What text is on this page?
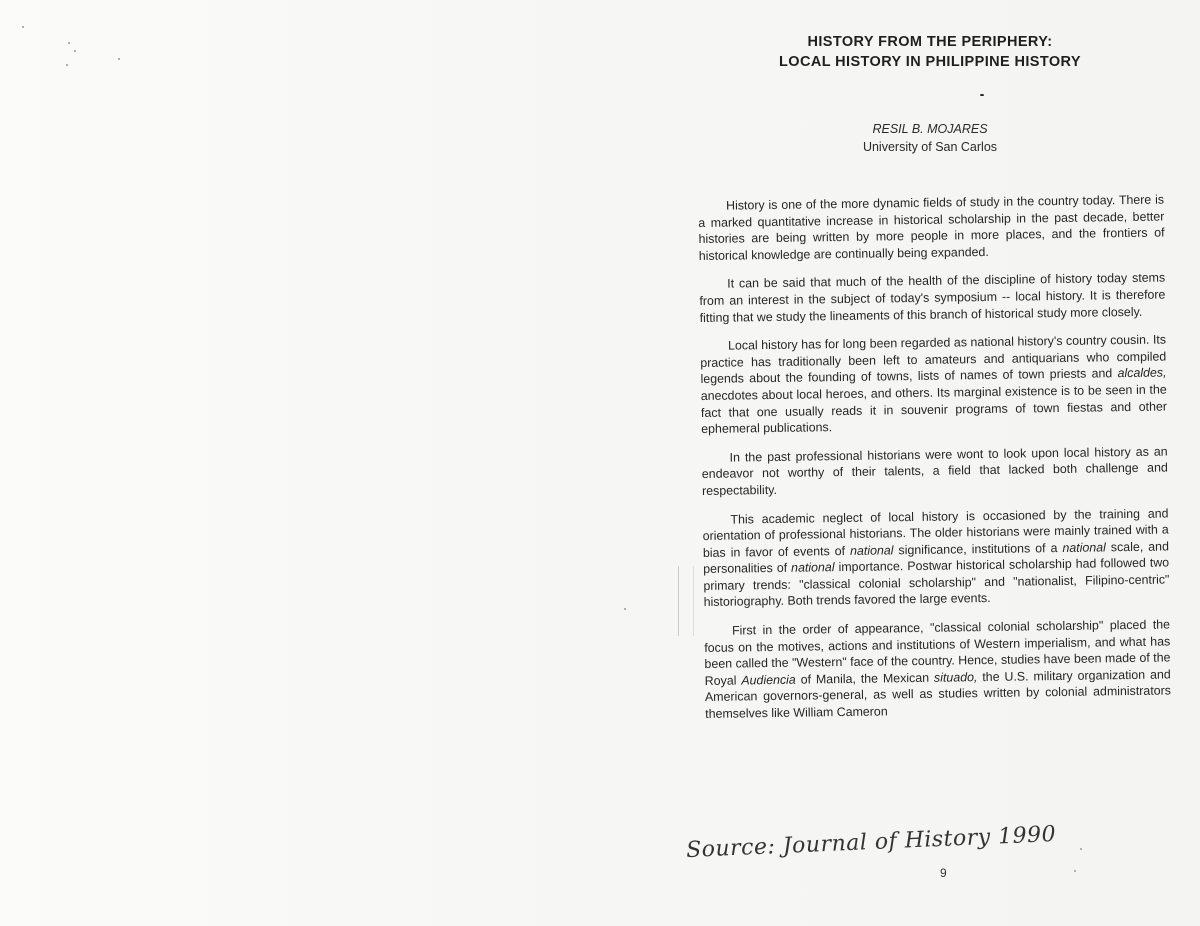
HISTORY FROM THE PERIPHERY:
LOCAL HISTORY IN PHILIPPINE HISTORY
RESIL B. MOJARES
University of San Carlos

History is one of the more dynamic fields of study in the country today. There is a marked quantitative increase in historical scholarship in the past decade, better histories are being written by more people in more places, and the frontiers of historical knowledge are continually being expanded.

It can be said that much of the health of the discipline of history today stems from an interest in the subject of today's symposium -- local history. It is therefore fitting that we study the lineaments of this branch of historical study more closely.

Local history has for long been regarded as national history's country cousin. Its practice has traditionally been left to amateurs and antiquarians who compiled legends about the founding of towns, lists of names of town priests and alcaldes, anecdotes about local heroes, and others. Its marginal existence is to be seen in the fact that one usually reads it in souvenir programs of town fiestas and other ephemeral publications.

In the past professional historians were wont to look upon local history as an endeavor not worthy of their talents, a field that lacked both challenge and respectability.

This academic neglect of local history is occasioned by the training and orientation of professional historians. The older historians were mainly trained with a bias in favor of events of national significance, institutions of a national scale, and personalities of national importance. Postwar historical scholarship had followed two primary trends: "classical colonial scholarship" and "nationalist, Filipino-centric" historiography. Both trends favored the large events.

First in the order of appearance, "classical colonial scholarship" placed the focus on the motives, actions and institutions of Western imperialism, and what has been called the "Western" face of the country. Hence, studies have been made of the Royal Audiencia of Manila, the Mexican situado, the U.S. military organization and American governors-general, as well as studies written by colonial administrators themselves like William Cameron

Source: Journal of History 1990
9
